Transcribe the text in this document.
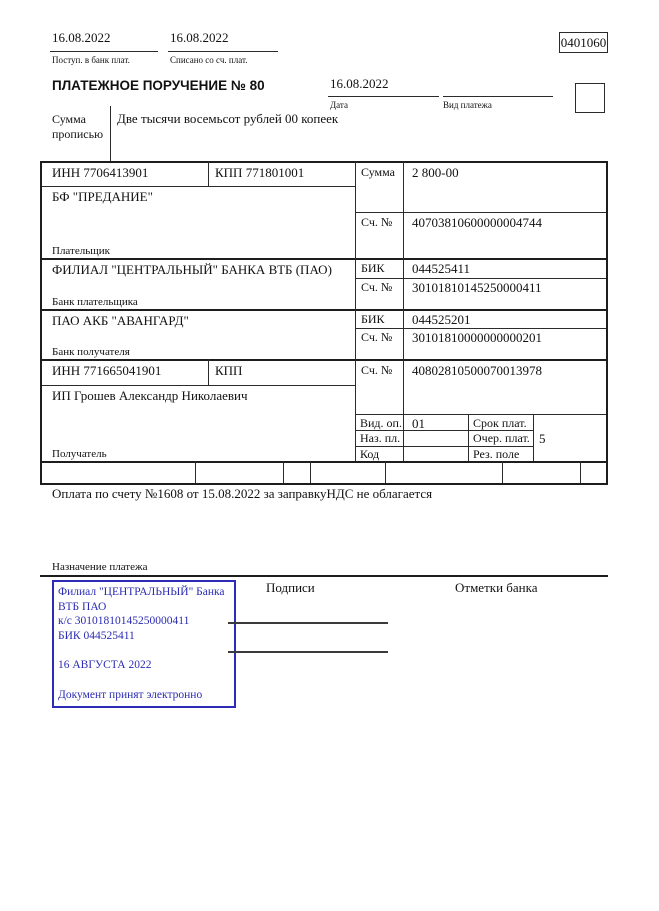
16.08.2022
Поступ. в банк плат.
16.08.2022
Списано со сч. плат.
0401060
ПЛАТЕЖНОЕ ПОРУЧЕНИЕ № 80	16.08.2022
Дата	Вид платежа
Сумма прописью
Две тысячи восемьсот рублей 00 копеек
ИНН 7706413901	КПП 771801001	Сумма 2 800-00
БФ "ПРЕДАНИЕ"
Сч. № 40703810600000004744
Плательщик
ФИЛИАЛ "ЦЕНТРАЛЬНЫЙ" БАНКА ВТБ (ПАО) БИК 044525411
Сч. № 30101810145250000411
Банк плательщика
ПАО АКБ "АВАНГАРД"	БИК 044525201
Сч. № 30101810000000000201
Банк получателя
ИНН 771665041901	КПП	Сч. № 40802810500070013978
ИП Грошев Александр Николаевич
Вид. оп. 01	Срок плат.
Наз. пл.	Очер. плат. 5
Код	Рез. поле
Получатель
Оплата по счету №1608 от 15.08.2022 за заправкуНДС не облагается
Назначение платежа
Подписи	Отметки банка
Филиал "ЦЕНТРАЛЬНЫЙ" Банка
ВТБ ПАО
к/с 30101810145250000411
БИК 044525411
16 АВГУСТА 2022
Документ принят электронно
